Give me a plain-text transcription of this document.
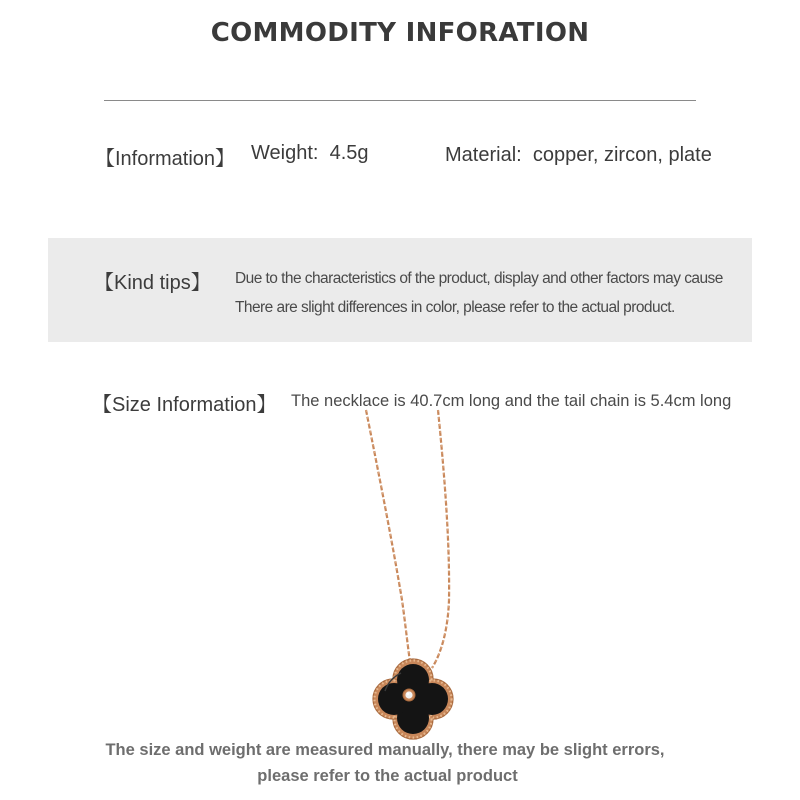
COMMODITY INFORATION
【Information】 Weight: 4.5g	Material: copper, zircon, plate
【Kind tips】 Due to the characteristics of the product, display and other factors may cause
There are slight differences in color, please refer to the actual product.
【Size Information】 The necklace is 40.7cm long and the tail chain is 5.4cm long
The size and weight are measured manually, there may be slight errors,
please refer to the actual product
